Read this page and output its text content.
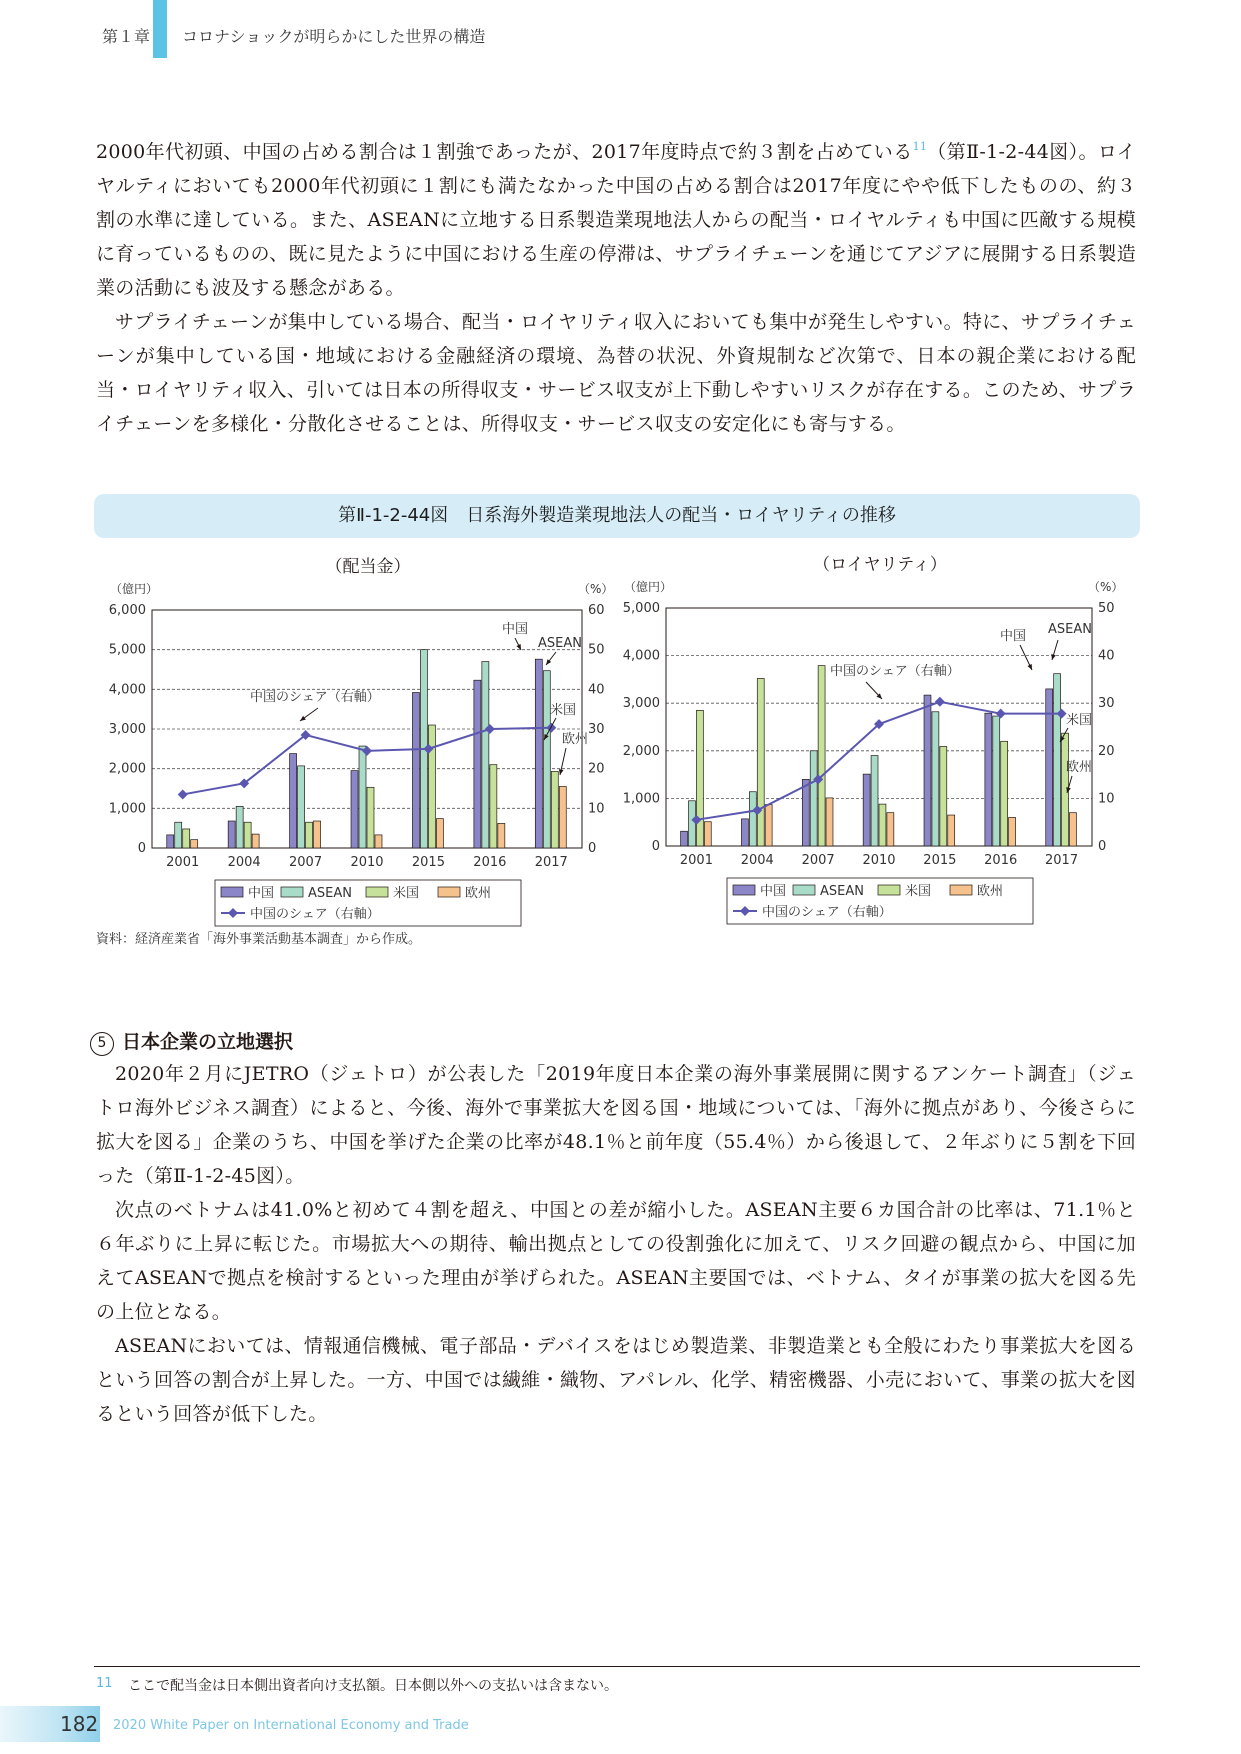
第１章 コロナショックが明らかにした世界の構造

2000年代初頭、中国の占める割合は１割強であったが、2017年度時点で約３割を占めている$^{11}$（第Ⅱ-1-2-44図）。ロイヤルティにおいても2000年代初頭に１割にも満たなかった中国の占める割合は2017年度にやや低下したものの、約３割の水準に達している。また、ASEANに立地する日系製造業現地法人からの配当・ロイヤルティも中国に匹敵する規模に育っているものの、既に見たように中国における生産の停滞は、サプライチェーンを通じてアジアに展開する日系製造業の活動にも波及する懸念がある。

サプライチェーンが集中している場合、配当・ロイヤリティ収入においても集中が発生しやすい。特に、サプライチェーンが集中している国・地域における金融経済の環境、為替の状況、外資規制など次第で、日本の親企業における配当・ロイヤリティ収入、引いては日本の所得収支・サービス収支が上下動しやすいリスクが存在する。このため、サプライチェーンを多様化・分散化させることは、所得収支・サービス収支の安定化にも寄与する。

第Ⅱ-1-2-44図　日系海外製造業現地法人の配当・ロイヤリティの推移
（配当金）
（億円）	（%）
0
1,000
2,000
3,000
4,000
5,000
6,000
0
10
20
30
40
50
60
2001 2004 2007 2010 2015 2016 2017
中国
ASEAN
中国のシェア（右軸）
米国
欧州
中国	ASEAN	米国	欧州
中国のシェア（右軸）
（ロイヤリティ）
（億円）	（%）
0
1,000
2,000
3,000
4,000
5,000
0
10
20
30
40
50
2001 2004 2007 2010 2015 2016 2017
中国 ASEAN
中国のシェア（右軸）
米国
欧州
中国	ASEAN	米国	欧州
中国のシェア（右軸）
資料：経済産業省「海外事業活動基本調査」から作成。
5 日本企業の立地選択

2020年２月にJETRO（ジェトロ）が公表した「2019年度日本企業の海外事業展開に関するアンケート調査」（ジェトロ海外ビジネス調査）によると、今後、海外で事業拡大を図る国・地域については、「海外に拠点があり、今後さらに拡大を図る」企業のうち、中国を挙げた企業の比率が48.1％と前年度（55.4％）から後退して、２年ぶりに５割を下回った（第Ⅱ-1-2-45図）。

次点のベトナムは41.0%と初めて４割を超え、中国との差が縮小した。ASEAN主要６カ国合計の比率は、71.1％と６年ぶりに上昇に転じた。市場拡大への期待、輸出拠点としての役割強化に加えて、リスク回避の観点から、中国に加えてASEANで拠点を検討するといった理由が挙げられた。ASEAN主要国では、ベトナム、タイが事業の拡大を図る先の上位となる。

ASEANにおいては、情報通信機械、電子部品・デバイスをはじめ製造業、非製造業とも全般にわたり事業拡大を図るという回答の割合が上昇した。一方、中国では繊維・織物、アパレル、化学、精密機器、小売において、事業の拡大を図るという回答が低下した。

11 ここで配当金は日本側出資者向け支払額。日本側以外への支払いは含まない。
182 2020 White Paper on International Economy and Trade
